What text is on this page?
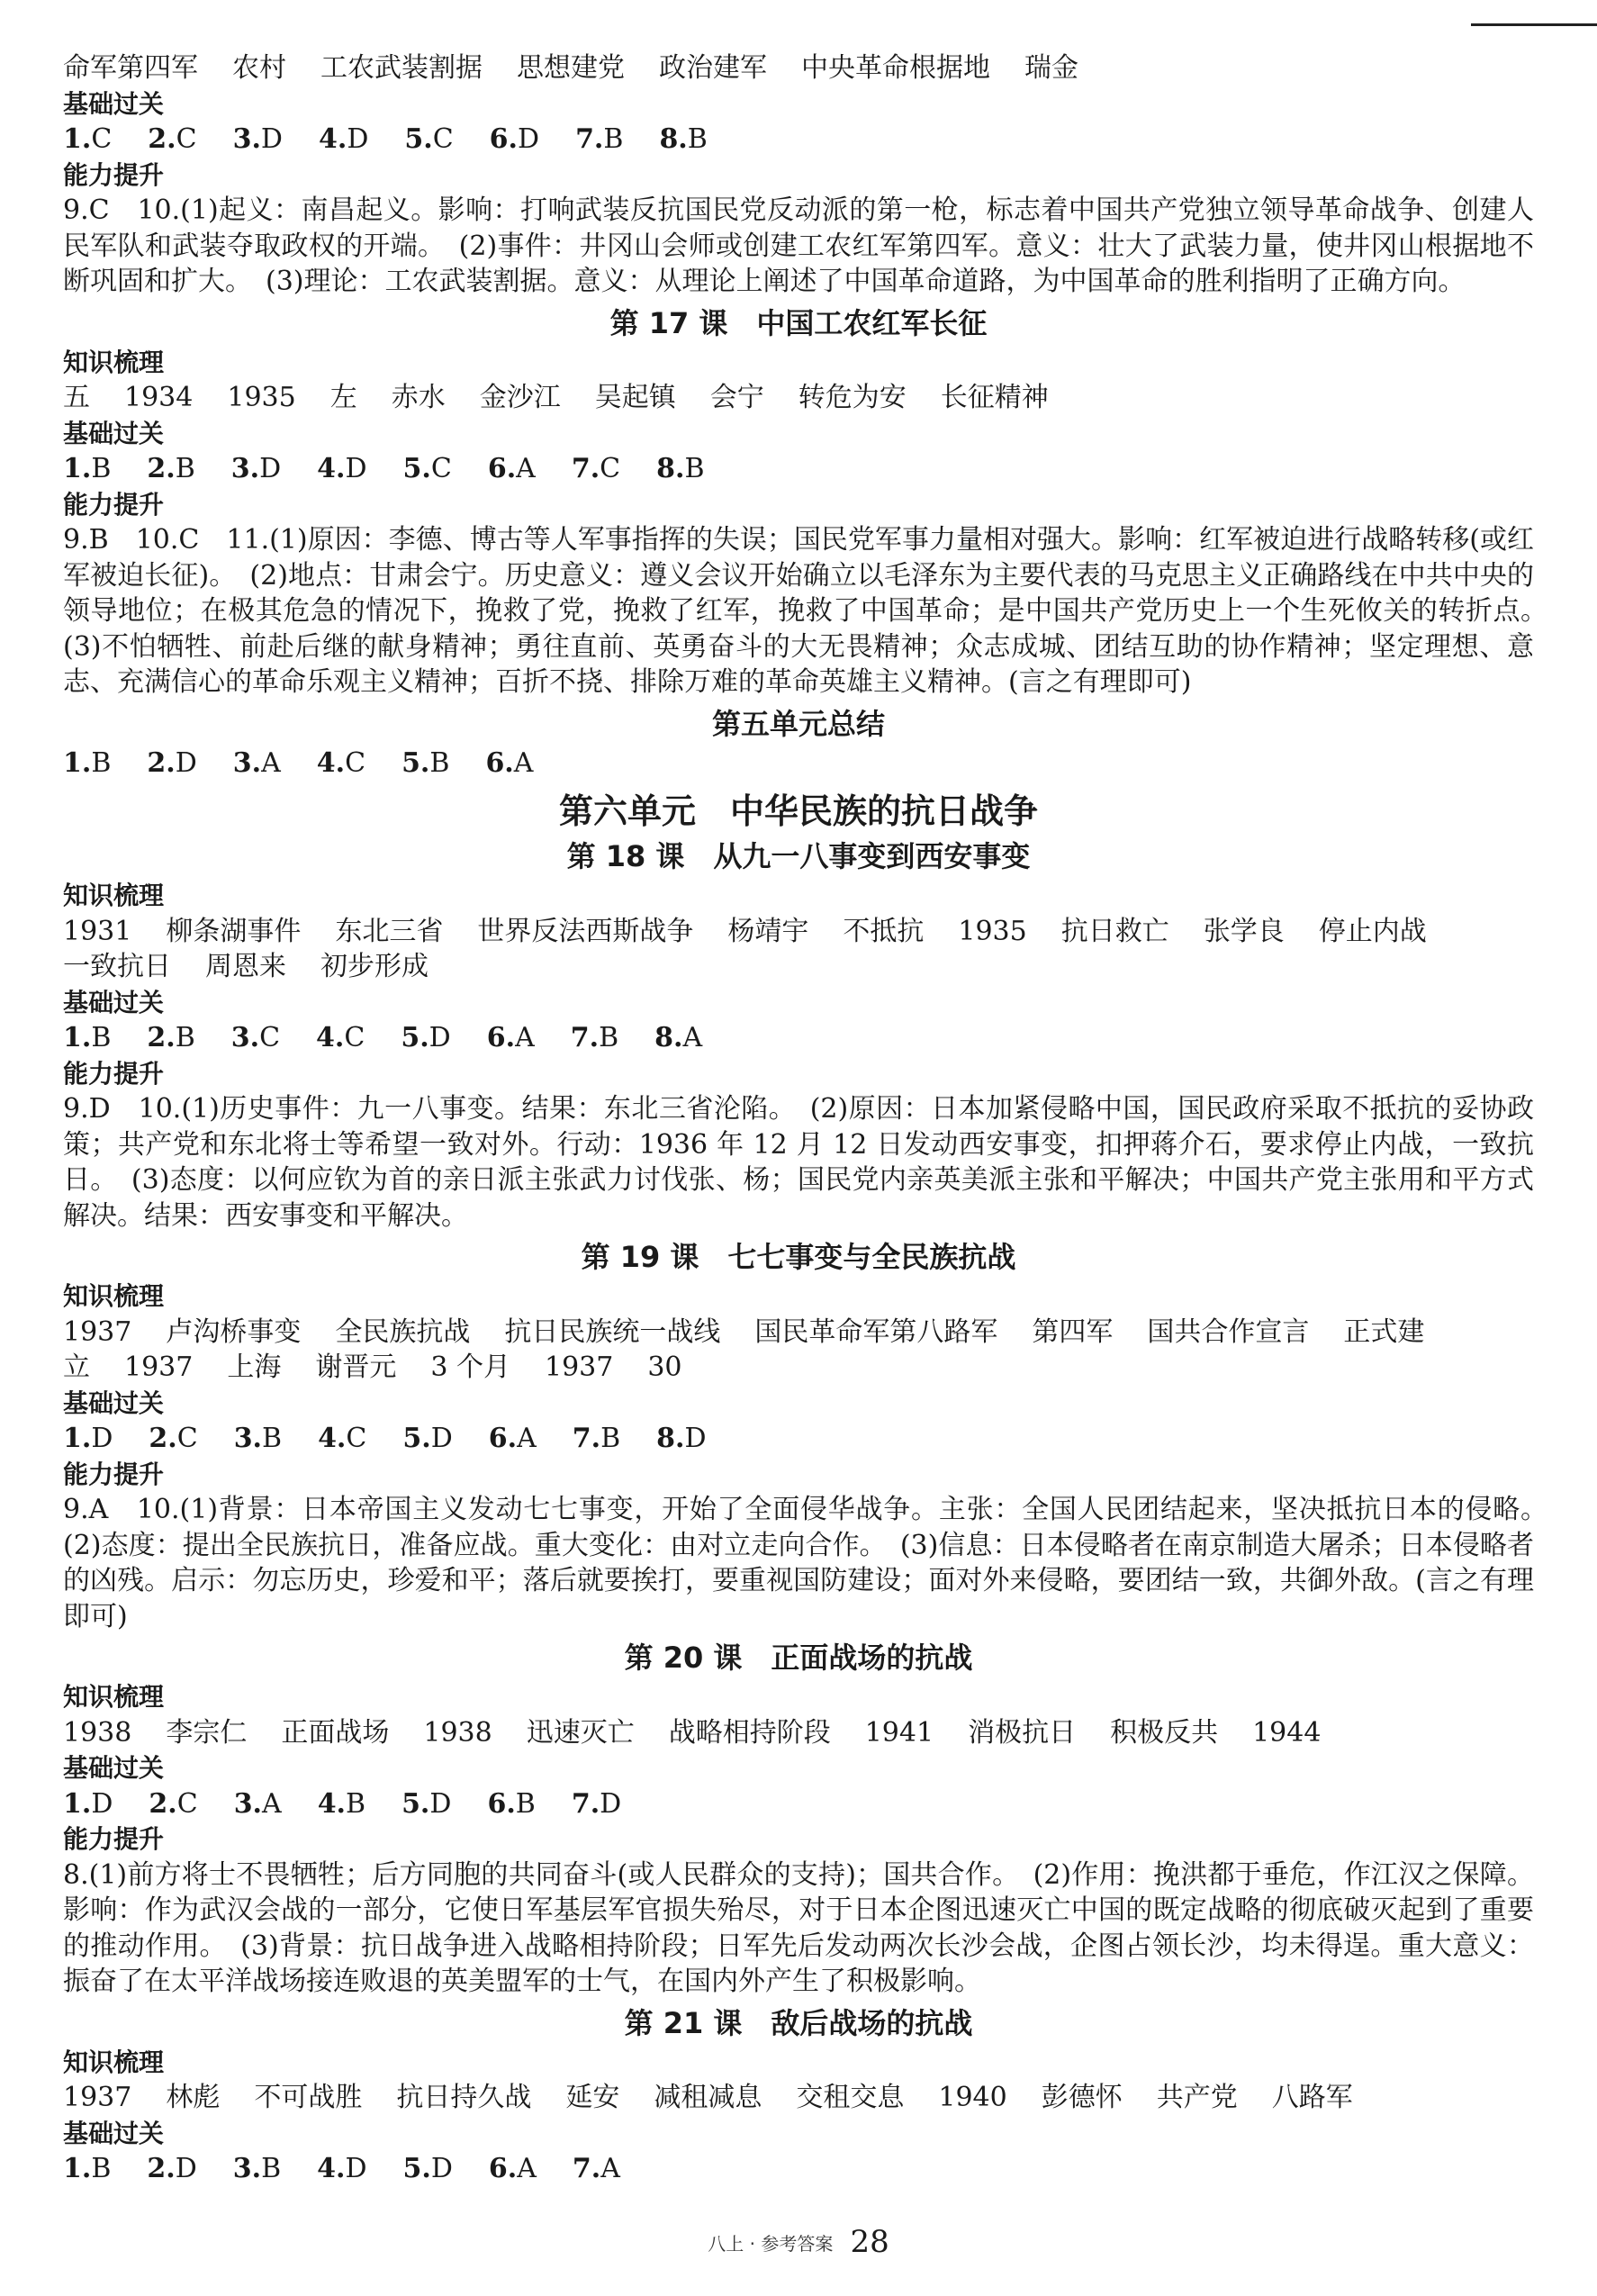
命军第四军 农村 工农武装割据 思想建党 政治建军 中央革命根据地 瑞金
基础过关
1.C 2.C 3.D 4.D 5.C 6.D 7.B 8.B
能力提升
9.C　10.(1)起义：南昌起义。影响：打响武装反抗国民党反动派的第一枪，标志着中国共产党独立领导革命战争、创建人民军队和武装夺取政权的开端。　(2)事件：井冈山会师或创建工农红军第四军。意义：壮大了武装力量，使井冈山根据地不断巩固和扩大。　(3)理论：工农武装割据。意义：从理论上阐述了中国革命道路，为中国革命的胜利指明了正确方向。
第 17 课　中国工农红军长征
知识梳理
五 1934 1935 左 赤水 金沙江 吴起镇 会宁 转危为安 长征精神
基础过关
1.B 2.B 3.D 4.D 5.C 6.A 7.C 8.B
能力提升
9.B　10.C　11.(1)原因：李德、博古等人军事指挥的失误；国民党军事力量相对强大。影响：红军被迫进行战略转移(或红军被迫长征)。　(2)地点：甘肃会宁。历史意义：遵义会议开始确立以毛泽东为主要代表的马克思主义正确路线在中共中央的领导地位；在极其危急的情况下，挽救了党，挽救了红军，挽救了中国革命；是中国共产党历史上一个生死攸关的转折点。　(3)不怕牺牲、前赴后继的献身精神；勇往直前、英勇奋斗的大无畏精神；众志成城、团结互助的协作精神；坚定理想、意志、充满信心的革命乐观主义精神；百折不挠、排除万难的革命英雄主义精神。(言之有理即可)
第五单元总结
1.B 2.D 3.A 4.C 5.B 6.A
第六单元　中华民族的抗日战争
第 18 课　从九一八事变到西安事变
知识梳理
1931 柳条湖事件 东北三省 世界反法西斯战争 杨靖宇 不抵抗 1935 抗日救亡 张学良 停止内战
一致抗日 周恩来 初步形成
基础过关
1.B 2.B 3.C 4.C 5.D 6.A 7.B 8.A
能力提升
9.D　10.(1)历史事件：九一八事变。结果：东北三省沦陷。　(2)原因：日本加紧侵略中国，国民政府采取不抵抗的妥协政策；共产党和东北将士等希望一致对外。行动：1936 年 12 月 12 日发动西安事变，扣押蒋介石，要求停止内战，一致抗日。　(3)态度：以何应钦为首的亲日派主张武力讨伐张、杨；国民党内亲英美派主张和平解决；中国共产党主张用和平方式解决。结果：西安事变和平解决。
第 19 课　七七事变与全民族抗战
知识梳理
1937 卢沟桥事变 全民族抗战 抗日民族统一战线 国民革命军第八路军 第四军 国共合作宣言 正式建
立 1937 上海 谢晋元 3 个月 1937 30
基础过关
1.D 2.C 3.B 4.C 5.D 6.A 7.B 8.D
能力提升
9.A　10.(1)背景：日本帝国主义发动七七事变，开始了全面侵华战争。主张：全国人民团结起来，坚决抵抗日本的侵略。　(2)态度：提出全民族抗日，准备应战。重大变化：由对立走向合作。　(3)信息：日本侵略者在南京制造大屠杀；日本侵略者的凶残。启示：勿忘历史，珍爱和平；落后就要挨打，要重视国防建设；面对外来侵略，要团结一致，共御外敌。(言之有理即可)
第 20 课　正面战场的抗战
知识梳理
1938 李宗仁 正面战场 1938 迅速灭亡 战略相持阶段 1941 消极抗日 积极反共 1944
基础过关
1.D 2.C 3.A 4.B 5.D 6.B 7.D
能力提升
8.(1)前方将士不畏牺牲；后方同胞的共同奋斗(或人民群众的支持)；国共合作。　(2)作用：挽洪都于垂危，作江汉之保障。影响：作为武汉会战的一部分，它使日军基层军官损失殆尽，对于日本企图迅速灭亡中国的既定战略的彻底破灭起到了重要的推动作用。　(3)背景：抗日战争进入战略相持阶段；日军先后发动两次长沙会战，企图占领长沙，均未得逞。重大意义：振奋了在太平洋战场接连败退的英美盟军的士气，在国内外产生了积极影响。
第 21 课　敌后战场的抗战
知识梳理
1937 林彪 不可战胜 抗日持久战 延安 减租减息 交租交息 1940 彭德怀 共产党 八路军
基础过关
1.B 2.D 3.B 4.D 5.D 6.A 7.A
八上 · 参考答案 28
